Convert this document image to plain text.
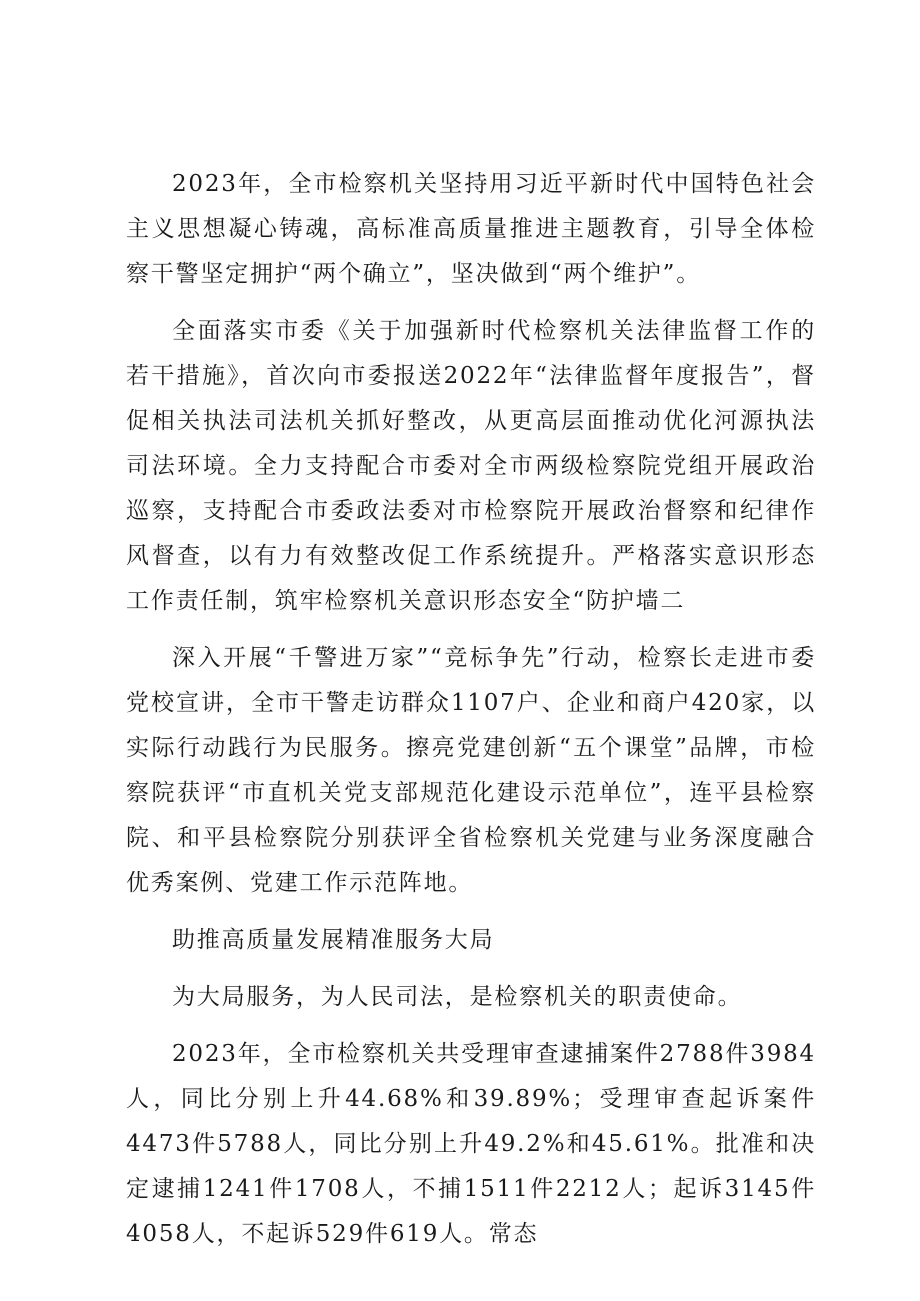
2023年，全市检察机关坚持用习近平新时代中国特色社会主义思想凝心铸魂，高标准高质量推进主题教育，引导全体检察干警坚定拥护“两个确立”，坚决做到“两个维护”。

全面落实市委《关于加强新时代检察机关法律监督工作的若干措施》，首次向市委报送2022年“法律监督年度报告”，督促相关执法司法机关抓好整改，从更高层面推动优化河源执法司法环境。全力支持配合市委对全市两级检察院党组开展政治巡察，支持配合市委政法委对市检察院开展政治督察和纪律作风督查，以有力有效整改促工作系统提升。严格落实意识形态工作责任制，筑牢检察机关意识形态安全“防护墙二

深入开展“千警进万家”“竞标争先”行动，检察长走进市委党校宣讲，全市干警走访群众1107户、企业和商户420家，以实际行动践行为民服务。擦亮党建创新“五个课堂”品牌，市检察院获评“市直机关党支部规范化建设示范单位”，连平县检察院、和平县检察院分别获评全省检察机关党建与业务深度融合优秀案例、党建工作示范阵地。

助推高质量发展精准服务大局

为大局服务，为人民司法，是检察机关的职责使命。

2023年，全市检察机关共受理审查逮捕案件2788件3984人，同比分别上升44.68%和39.89%；受理审查起诉案件4473件5788人，同比分别上升49.2%和45.61%。批准和决定逮捕1241件1708人，不捕1511件2212人；起诉3145件4058人，不起诉529件619人。常态
